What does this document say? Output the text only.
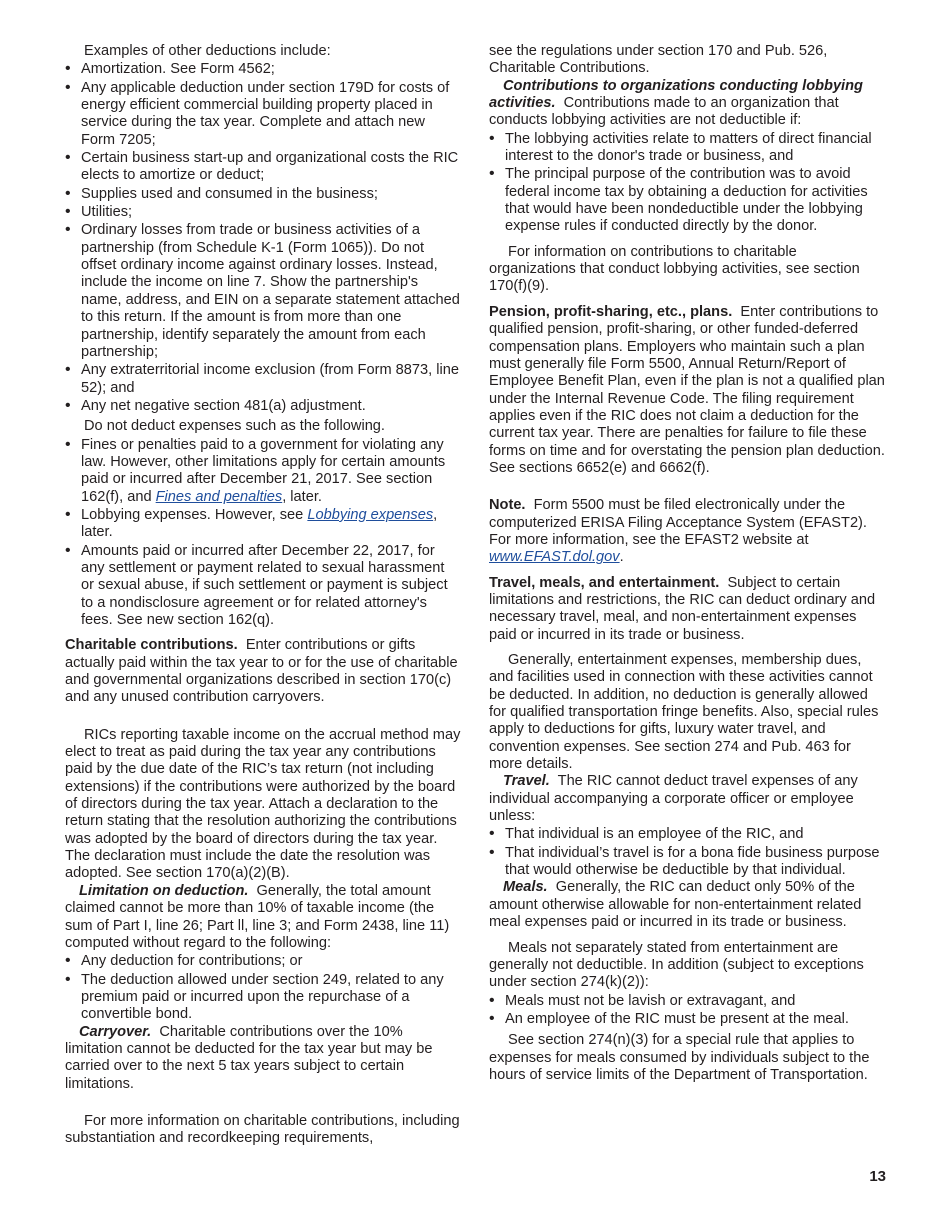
Examples of other deductions include:

• Amortization. See Form 4562;

• Any applicable deduction under section 179D for costs of energy efficient commercial building property placed in service during the tax year. Complete and attach new Form 7205;

• Certain business start-up and organizational costs the RIC elects to amortize or deduct;

• Supplies used and consumed in the business;

• Utilities;

• Ordinary losses from trade or business activities of a partnership (from Schedule K-1 (Form 1065)). Do not offset ordinary income against ordinary losses. Instead, include the income on line 7. Show the partnership's name, address, and EIN on a separate statement attached to this return. If the amount is from more than one partnership, identify separately the amount from each partnership;

• Any extraterritorial income exclusion (from Form 8873, line 52); and

• Any net negative section 481(a) adjustment.

Do not deduct expenses such as the following.

• Fines or penalties paid to a government for violating any law. However, other limitations apply for certain amounts paid or incurred after December 21, 2017. See section 162(f), and Fines and penalties, later.

• Lobbying expenses. However, see Lobbying expenses, later.

• Amounts paid or incurred after December 22, 2017, for any settlement or payment related to sexual harassment or sexual abuse, if such settlement or payment is subject to a nondisclosure agreement or for related attorney's fees. See new section 162(q).

Charitable contributions. Enter contributions or gifts actually paid within the tax year to or for the use of charitable and governmental organizations described in section 170(c) and any unused contribution carryovers.

RICs reporting taxable income on the accrual method may elect to treat as paid during the tax year any contributions paid by the due date of the RIC’s tax return (not including extensions) if the contributions were authorized by the board of directors during the tax year. Attach a declaration to the return stating that the resolution authorizing the contributions was adopted by the board of directors during the tax year. The declaration must include the date the resolution was adopted. See section 170(a)(2)(B).

Limitation on deduction. Generally, the total amount claimed cannot be more than 10% of taxable income (the sum of Part I, line 26; Part ll, line 3; and Form 2438, line 11) computed without regard to the following:

• Any deduction for contributions; or

• The deduction allowed under section 249, related to any premium paid or incurred upon the repurchase of a convertible bond.

Carryover. Charitable contributions over the 10% limitation cannot be deducted for the tax year but may be carried over to the next 5 tax years subject to certain limitations.

For more information on charitable contributions, including substantiation and recordkeeping requirements,

see the regulations under section 170 and Pub. 526, Charitable Contributions.

Contributions to organizations conducting lobbying activities. Contributions made to an organization that conducts lobbying activities are not deductible if:

• The lobbying activities relate to matters of direct financial interest to the donor's trade or business, and

• The principal purpose of the contribution was to avoid federal income tax by obtaining a deduction for activities that would have been nondeductible under the lobbying expense rules if conducted directly by the donor.

For information on contributions to charitable organizations that conduct lobbying activities, see section 170(f)(9).

Pension, profit-sharing, etc., plans. Enter contributions to qualified pension, profit-sharing, or other funded-deferred compensation plans. Employers who maintain such a plan must generally file Form 5500, Annual Return/Report of Employee Benefit Plan, even if the plan is not a qualified plan under the Internal Revenue Code. The filing requirement applies even if the RIC does not claim a deduction for the current tax year. There are penalties for failure to file these forms on time and for overstating the pension plan deduction. See sections 6652(e) and 6662(f).

Note. Form 5500 must be filed electronically under the computerized ERISA Filing Acceptance System (EFAST2). For more information, see the EFAST2 website at www.EFAST.dol.gov.

Travel, meals, and entertainment. Subject to certain limitations and restrictions, the RIC can deduct ordinary and necessary travel, meal, and non-entertainment expenses paid or incurred in its trade or business.

Generally, entertainment expenses, membership dues, and facilities used in connection with these activities cannot be deducted. In addition, no deduction is generally allowed for qualified transportation fringe benefits. Also, special rules apply to deductions for gifts, luxury water travel, and convention expenses. See section 274 and Pub. 463 for more details.

Travel. The RIC cannot deduct travel expenses of any individual accompanying a corporate officer or employee unless:

• That individual is an employee of the RIC, and

• That individual’s travel is for a bona fide business purpose that would otherwise be deductible by that individual.

Meals. Generally, the RIC can deduct only 50% of the amount otherwise allowable for non-entertainment related meal expenses paid or incurred in its trade or business.

Meals not separately stated from entertainment are generally not deductible. In addition (subject to exceptions under section 274(k)(2)):

• Meals must not be lavish or extravagant, and

• An employee of the RIC must be present at the meal.

See section 274(n)(3) for a special rule that applies to expenses for meals consumed by individuals subject to the hours of service limits of the Department of Transportation.

13
